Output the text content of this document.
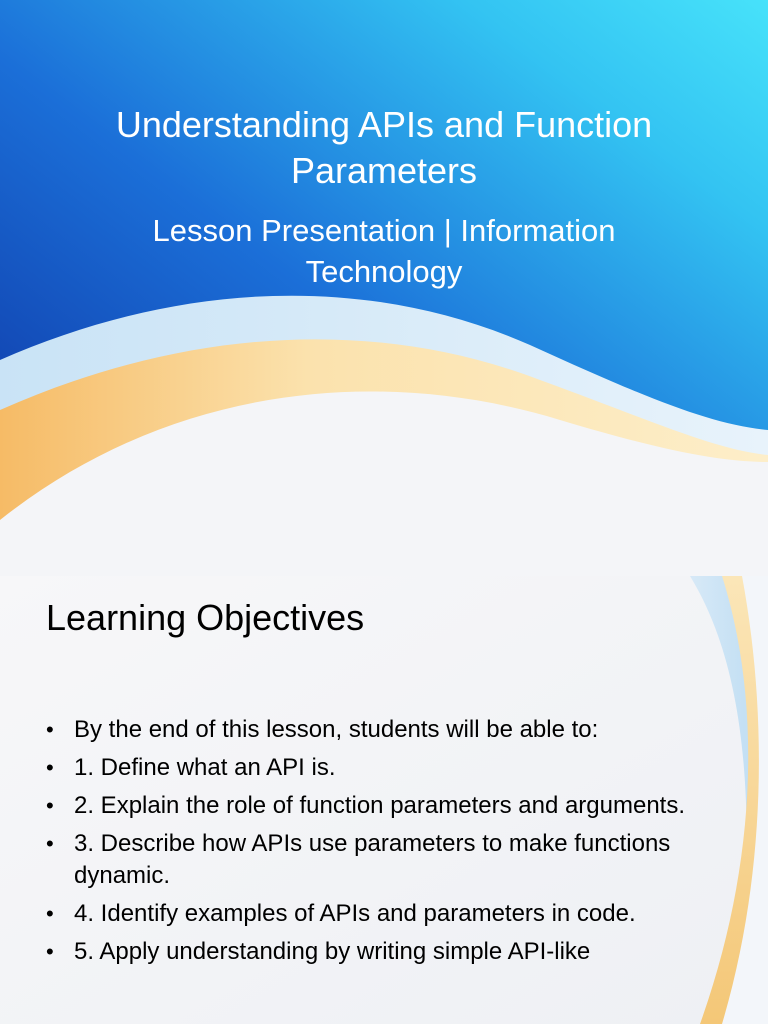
Understanding APIs and Function Parameters

Lesson Presentation | Information Technology

Learning Objectives
• By the end of this lesson, students will be able to:
• 1. Define what an API is.
• 2. Explain the role of function parameters and arguments.
• 3. Describe how APIs use parameters to make functions dynamic.
• 4. Identify examples of APIs and parameters in code.
• 5. Apply understanding by writing simple API-like
